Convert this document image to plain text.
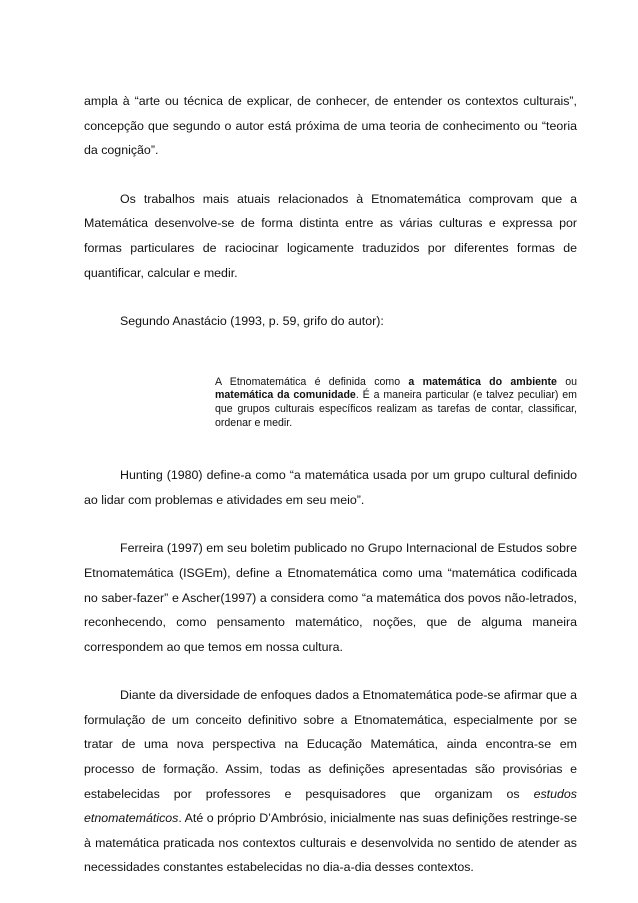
ampla à “arte ou técnica de explicar, de conhecer, de entender os contextos culturais”, concepção que segundo o autor está próxima de uma teoria de conhecimento ou “teoria da cognição”.

Os trabalhos mais atuais relacionados à Etnomatemática comprovam que a Matemática desenvolve-se de forma distinta entre as várias culturas e expressa por formas particulares de raciocinar logicamente traduzidos por diferentes formas de quantificar, calcular e medir.

Segundo Anastácio (1993, p. 59, grifo do autor):

A Etnomatemática é definida como a matemática do ambiente ou matemática da comunidade. É a maneira particular (e talvez peculiar) em que grupos culturais específicos realizam as tarefas de contar, classificar, ordenar e medir.

Hunting (1980) define-a como “a matemática usada por um grupo cultural definido ao lidar com problemas e atividades em seu meio”.

Ferreira (1997) em seu boletim publicado no Grupo Internacional de Estudos sobre Etnomatemática (ISGEm), define a Etnomatemática como uma “matemática codificada no saber-fazer” e Ascher(1997) a considera como “a matemática dos povos não-letrados, reconhecendo, como pensamento matemático, noções, que de alguma maneira correspondem ao que temos em nossa cultura.

Diante da diversidade de enfoques dados a Etnomatemática pode-se afirmar que a formulação de um conceito definitivo sobre a Etnomatemática, especialmente por se tratar de uma nova perspectiva na Educação Matemática, ainda encontra-se em processo de formação. Assim, todas as definições apresentadas são provisórias e estabelecidas por professores e pesquisadores que organizam os estudos etnomatemáticos. Até o próprio D’Ambrósio, inicialmente nas suas definições restringe-se à matemática praticada nos contextos culturais e desenvolvida no sentido de atender as necessidades constantes estabelecidas no dia-a-dia desses contextos.
